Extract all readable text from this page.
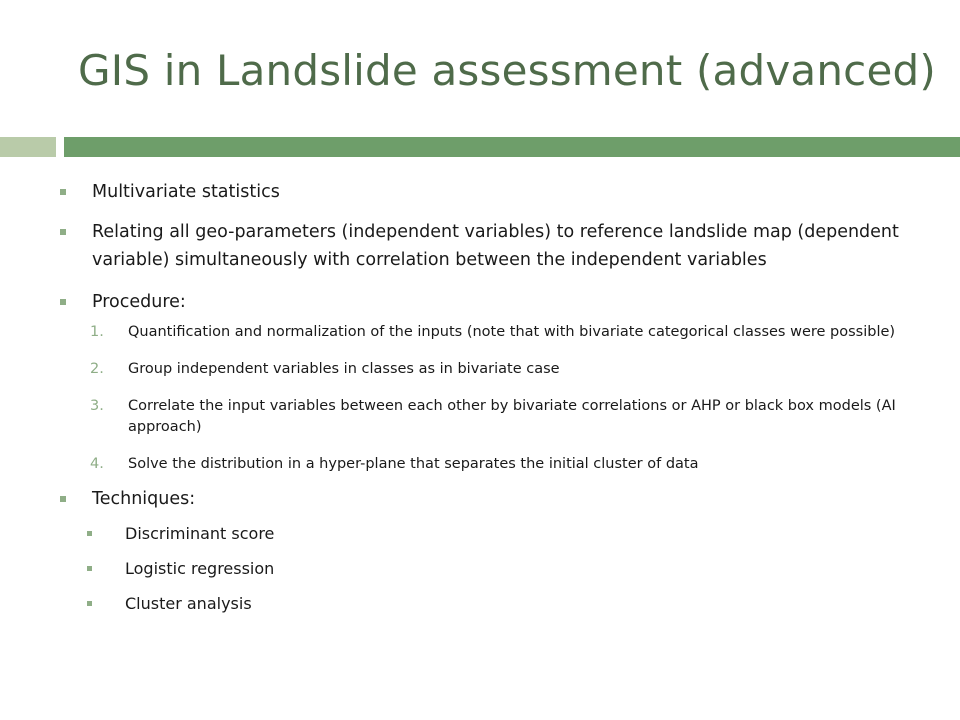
GIS in Landslide assessment (advanced)
Multivariate statistics
Relating all geo-parameters (independent variables) to reference landslide map (dependent variable) simultaneously with correlation between the independent variables
Procedure:
1. Quantification and normalization of the inputs (note that with bivariate categorical classes were possible)
2. Group independent variables in classes as in bivariate case
3. Correlate the input variables between each other by bivariate correlations or AHP or black box models (AI approach)
4. Solve the distribution in a hyper-plane that separates the initial cluster of data
Techniques:
Discriminant score
Logistic regression
Cluster analysis
